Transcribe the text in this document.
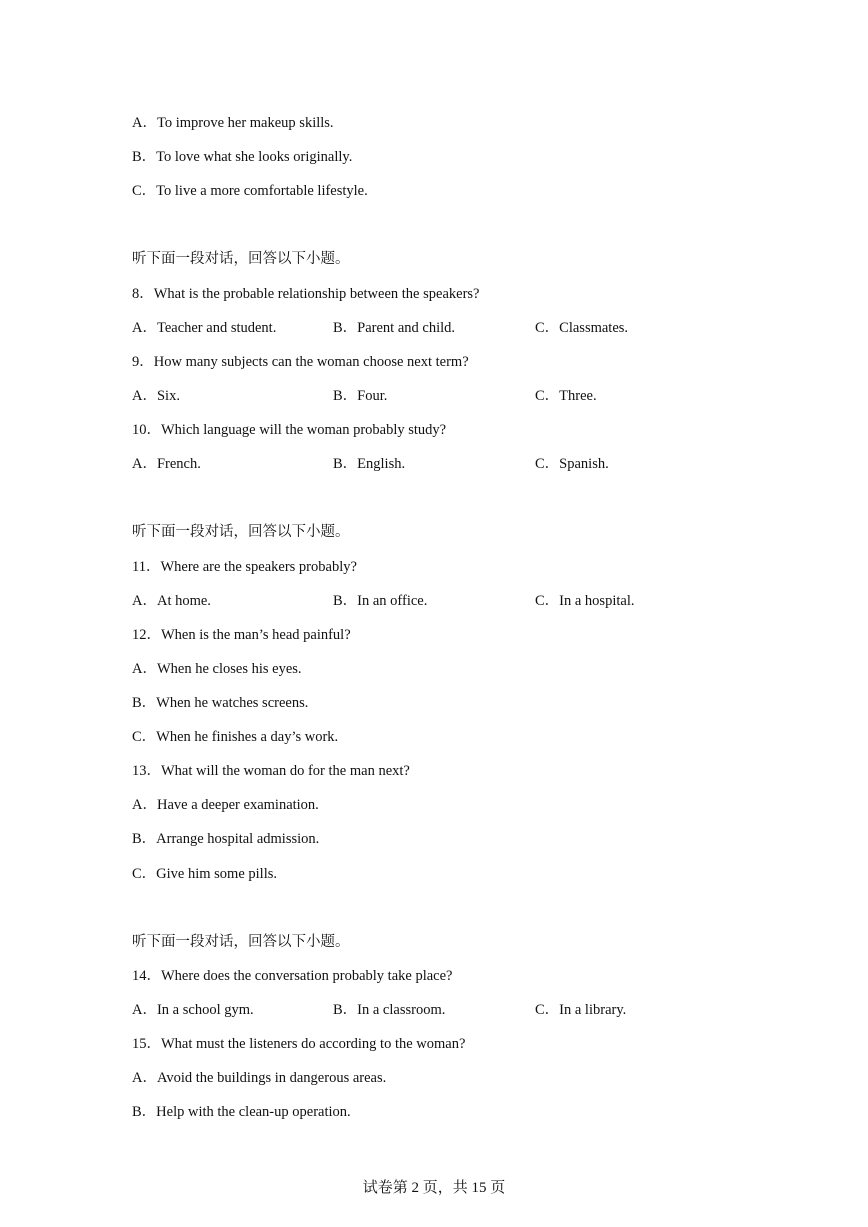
A．To improve her makeup skills.
B．To love what she looks originally.
C．To live a more comfortable lifestyle.
听下面一段对话，回答以下小题。
8．What is the probable relationship between the speakers?
A．Teacher and student.	B．Parent and child.	C．Classmates.
9．How many subjects can the woman choose next term?
A．Six.	B．Four.	C．Three.
10．Which language will the woman probably study?
A．French.	B．English.	C．Spanish.
听下面一段对话，回答以下小题。
11．Where are the speakers probably?
A．At home.	B．In an office.	C．In a hospital.
12．When is the man’s head painful?
A．When he closes his eyes.
B．When he watches screens.
C．When he finishes a day’s work.
13．What will the woman do for the man next?
A．Have a deeper examination.
B．Arrange hospital admission.
C．Give him some pills.
听下面一段对话，回答以下小题。
14．Where does the conversation probably take place?
A．In a school gym.	B．In a classroom.	C．In a library.
15．What must the listeners do according to the woman?
A．Avoid the buildings in dangerous areas.
B．Help with the clean-up operation.
试卷第 2 页，共 15 页
